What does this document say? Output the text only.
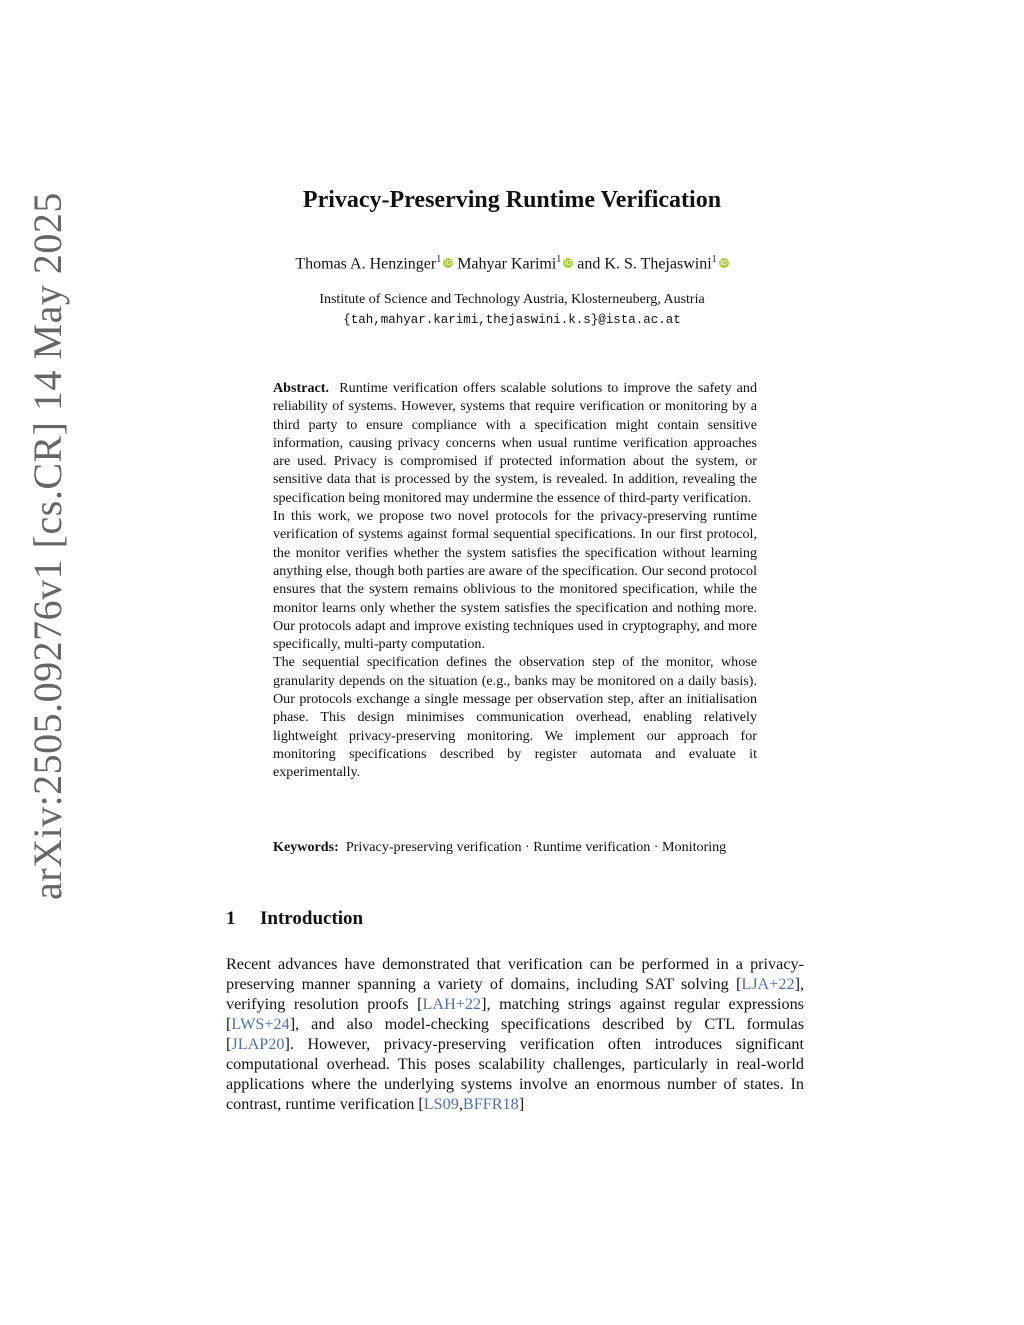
arXiv:2505.09276v1 [cs.CR] 14 May 2025	Privacy-Preserving Runtime Verification
Thomas A. Henzinger$^1$ iD Mahyar Karimi$^1$ iD and K. S. Thejaswini$^1$ iD
Institute of Science and Technology Austria, Klosterneuberg, Austria
{tah,mahyar.karimi,thejaswini.k.s}@ista.ac.at

Abstract. Runtime verification offers scalable solutions to improve the safety and reliability of systems. However, systems that require verification or monitoring by a third party to ensure compliance with a specification might contain sensitive information, causing privacy concerns when usual runtime verification approaches are used. Privacy is compromised if protected information about the system, or sensitive data that is processed by the system, is revealed. In addition, revealing the specification being monitored may undermine the essence of third-party verification.

In this work, we propose two novel protocols for the privacy-preserving runtime verification of systems against formal sequential specifications. In our first protocol, the monitor verifies whether the system satisfies the specification without learning anything else, though both parties are aware of the specification. Our second protocol ensures that the system remains oblivious to the monitored specification, while the monitor learns only whether the system satisfies the specification and nothing more. Our protocols adapt and improve existing techniques used in cryptography, and more specifically, multi-party computation.

The sequential specification defines the observation step of the monitor, whose granularity depends on the situation (e.g., banks may be monitored on a daily basis). Our protocols exchange a single message per observation step, after an initialisation phase. This design minimises communication overhead, enabling relatively lightweight privacy-preserving monitoring. We implement our approach for monitoring specifications described by register automata and evaluate it experimentally.

Keywords: Privacy-preserving verification · Runtime verification · Monitoring
1 Introduction
Recent advances have demonstrated that verification can be performed in a privacy-preserving manner spanning a variety of domains, including SAT solving [LJA+22], verifying resolution proofs [LAH+22], matching strings against regular expressions [LWS+24], and also model-checking specifications described by CTL formulas [JLAP20]. However, privacy-preserving verification often introduces significant computational overhead. This poses scalability challenges, particularly in real-world applications where the underlying systems involve an enormous number of states. In contrast, runtime verification [LS09,BFFR18]
